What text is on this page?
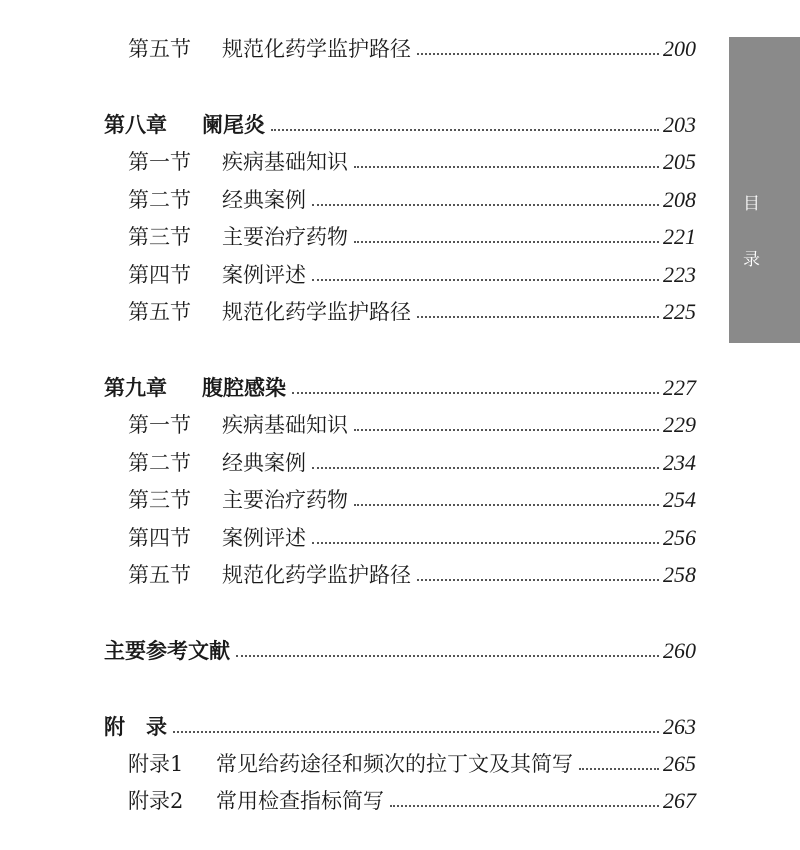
目
录
第五节	规范化药学监护路径	200
第八章	阑尾炎	203
第一节	疾病基础知识	205
第二节	经典案例	208
第三节	主要治疗药物	221
第四节	案例评述	223
第五节	规范化药学监护路径	225
第九章	腹腔感染	227
第一节	疾病基础知识	229
第二节	经典案例	234
第三节	主要治疗药物	254
第四节	案例评述	256
第五节	规范化药学监护路径	258
主要参考文献	260
附　录	263
附录1	常见给药途径和频次的拉丁文及其简写	265
附录2	常用检查指标简写	267
